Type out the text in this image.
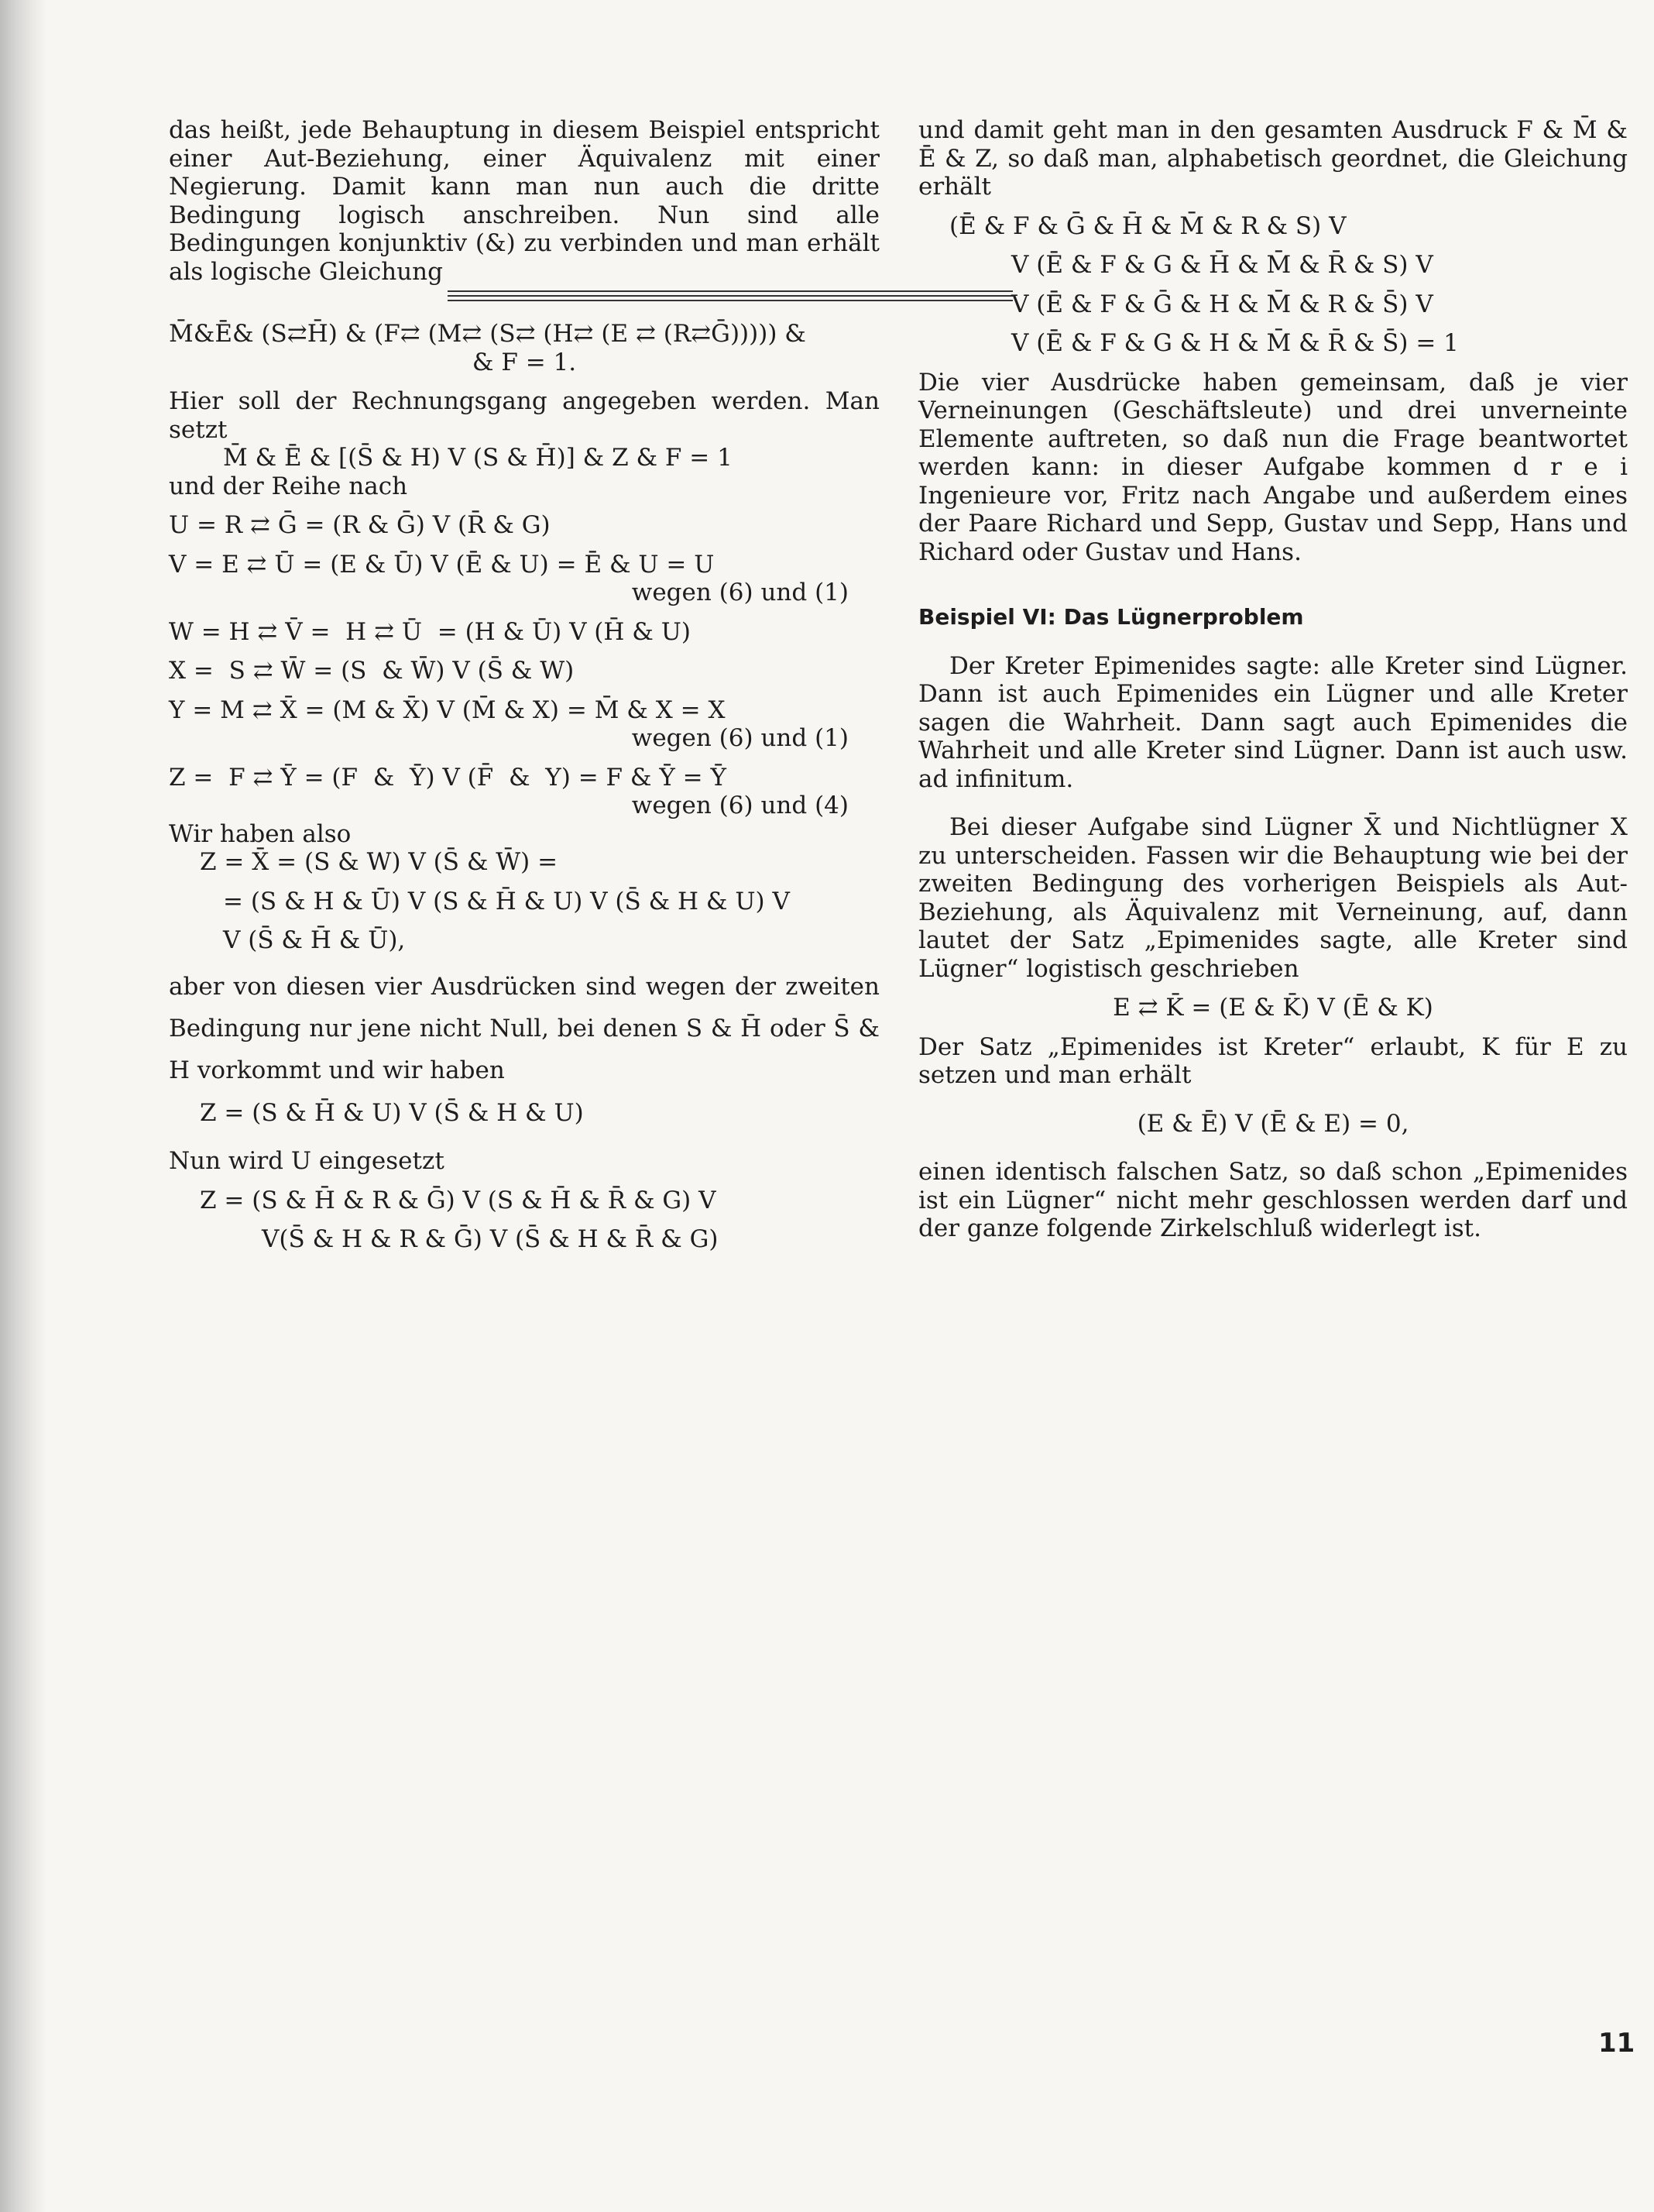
das heißt, jede Behauptung in diesem Beispiel entspricht einer Aut-Beziehung, einer Äquivalenz mit einer Negierung. Damit kann man nun auch die dritte Bedingung logisch anschreiben. Nun sind alle Bedingungen konjunktiv (&) zu verbinden und man erhält als logische Gleichung

M̄&Ē& (S⇄H̄) & (F⇄ (M⇄ (S⇄ (H⇄ (E ⇄ (R⇄Ḡ))))) &
& F = 1.

Hier soll der Rechnungsgang angegeben werden. Man setzt

M̄ & Ē & [(S̄ & H) V (S & H̄)] & Z & F = 1

und der Reihe nach

U = R ⇄ Ḡ = (R & Ḡ) V (R̄ & G)
V = E ⇄ Ū = (E & Ū) V (Ē & U) = Ē & U = U
wegen (6) und (1)
W = H ⇄ V̄ =  H ⇄ Ū  = (H & Ū) V (H̄ & U)
X =  S ⇄ W̄ = (S  & W̄) V (S̄ & W)
Y = M ⇄ X̄ = (M & X̄) V (M̄ & X) = M̄ & X = X
wegen (6) und (1)
Z =  F ⇄ Ȳ = (F  &  Ȳ) V (F̄  &  Y) = F & Ȳ = Ȳ
wegen (6) und (4)

Wir haben also

Z = X̄ = (S & W) V (S̄ & W̄) =
= (S & H & Ū) V (S & H̄ & U) V (S̄ & H & U) V
V (S̄ & H̄ & Ū),

aber von diesen vier Ausdrücken sind wegen der zweiten Bedingung nur jene nicht Null, bei denen S & H̄ oder S̄ & H vorkommt und wir haben

Z = (S & H̄ & U) V (S̄ & H & U)

Nun wird U eingesetzt

Z = (S & H̄ & R & Ḡ) V (S & H̄ & R̄ & G) V
V(S̄ & H & R & Ḡ) V (S̄ & H & R̄ & G)

und damit geht man in den gesamten Ausdruck F & M̄ & Ē & Z, so daß man, alphabetisch geordnet, die Gleichung erhält

(Ē & F & Ḡ & H̄ & M̄ & R & S) V
V (Ē & F & G & H̄ & M̄ & R̄ & S) V
V (Ē & F & Ḡ & H & M̄ & R & S̄) V
V (Ē & F & G & H & M̄ & R̄ & S̄) = 1

Die vier Ausdrücke haben gemeinsam, daß je vier Verneinungen (Geschäftsleute) und drei unverneinte Elemente auftreten, so daß nun die Frage beantwortet werden kann: in dieser Aufgabe kommen d r e i Ingenieure vor, Fritz nach Angabe und außerdem eines der Paare Richard und Sepp, Gustav und Sepp, Hans und Richard oder Gustav und Hans.

Beispiel VI: Das Lügnerproblem

Der Kreter Epimenides sagte: alle Kreter sind Lügner. Dann ist auch Epimenides ein Lügner und alle Kreter sagen die Wahrheit. Dann sagt auch Epimenides die Wahrheit und alle Kreter sind Lügner. Dann ist auch usw. ad infinitum.

Bei dieser Aufgabe sind Lügner X̄ und Nichtlügner X zu unterscheiden. Fassen wir die Behauptung wie bei der zweiten Bedingung des vorherigen Beispiels als Aut-Beziehung, als Äquivalenz mit Verneinung, auf, dann lautet der Satz „Epimenides sagte, alle Kreter sind Lügner“ logistisch geschrieben

E ⇄ K̄ = (E & K̄) V (Ē & K)

Der Satz „Epimenides ist Kreter“ erlaubt, K für E zu setzen und man erhält

(E & Ē) V (Ē & E) = 0,

einen identisch falschen Satz, so daß schon „Epimenides ist ein Lügner“ nicht mehr geschlossen werden darf und der ganze folgende Zirkelschluß widerlegt ist.

11
